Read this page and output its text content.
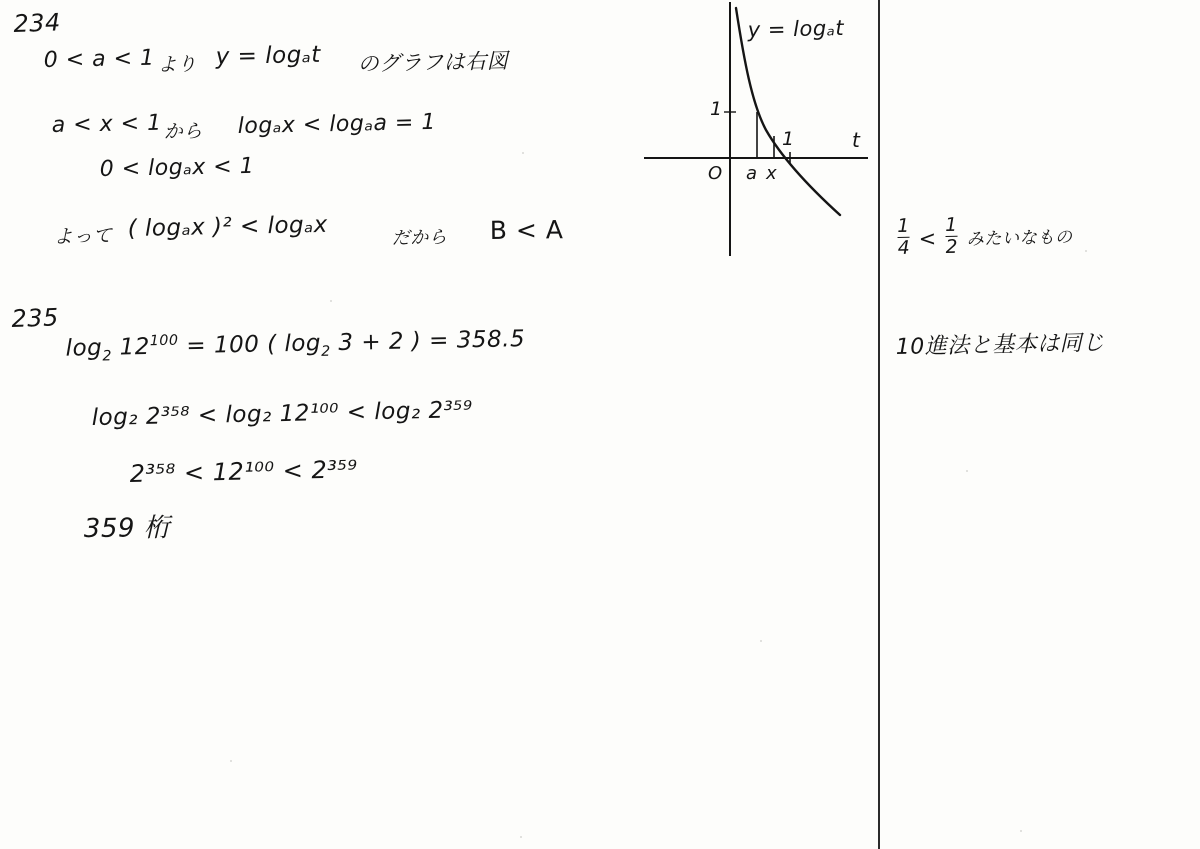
234
0 < a < 1 より y = logₐt のグラフは右図
a < x < 1 から logₐx < logₐa = 1
0 < logₐx < 1
よって ( logₐx )² < logₐx	だから B < A
235
$\log_2 12^{100} = 100$ ( $\log_2 3 + 2$ ) = 358.5
log₂ 2³⁵⁸ < log₂ 12¹⁰⁰ < log₂ 2³⁵⁹
2³⁵⁸ < 12¹⁰⁰ < 2³⁵⁹
359 桁
y = logₐt
1
1
O a x
t
$\frac{1}{4} < \frac{1}{2}$ みたいなもの
10進法と基本は同じ
